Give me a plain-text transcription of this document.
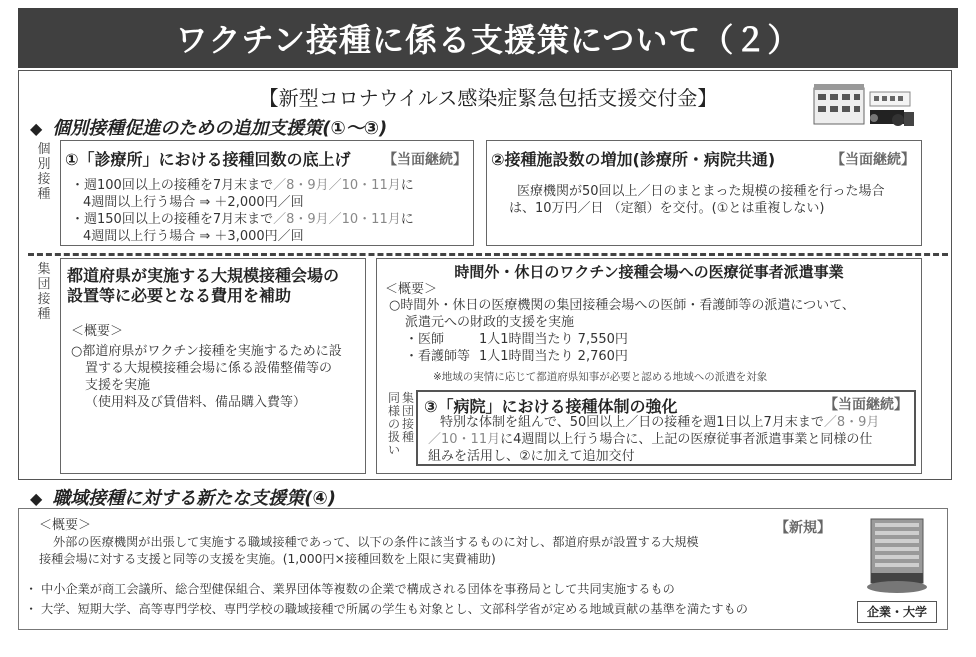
ワクチン接種に係る支援策について（２）
【新型コロナウイルス感染症緊急包括支援交付金】
◆ 個別接種促進のための追加支援策(①～③)
個別接種
①「診療所」における接種回数の底上げ 【当面継続】
・週100回以上の接種を7月末まで／8・9月／10・11月に
4週間以上行う場合 ⇒ ＋2,000円／回
・週150回以上の接種を7月末まで／8・9月／10・11月に
4週間以上行う場合 ⇒ ＋3,000円／回
②接種施設数の増加(診療所・病院共通)	【当面継続】
医療機関が50回以上／日のまとまった規模の接種を行った場合
は、10万円／日 （定額）を交付。(①とは重複しない)
集団接種
都道府県が実施する大規模接種会場の
設置等に必要となる費用を補助
＜概要＞
○都道府県がワクチン接種を実施するために設
置する大規模接種会場に係る設備整備等の
支援を実施
（使用料及び賃借料、備品購入費等）
時間外・休日のワクチン接種会場への医療従事者派遣事業
＜概要＞
○時間外・休日の医療機関の集団接種会場への医師・看護師等の派遣について、
派遣元への財政的支援を実施
・医師	1人1時間当たり 7,550円
・看護師等 1人1時間当たり 2,760円
※地域の実情に応じて都道府県知事が必要と認める地域への派遣を対象
同様の扱い
集団接種
③「病院」における接種体制の強化	【当面継続】
特別な体制を組んで、50回以上／日の接種を週1日以上7月末まで／8・9月
／10・11月に4週間以上行う場合に、上記の医療従事者派遣事業と同様の仕
組みを活用し、②に加えて追加交付
◆ 職域接種に対する新たな支援策(④)
＜概要＞	【新規】
外部の医療機関が出張して実施する職域接種であって、以下の条件に該当するものに対し、都道府県が設置する大規模
接種会場に対する支援と同等の支援を実施。(1,000円×接種回数を上限に実費補助)
・ 中小企業が商工会議所、総合型健保組合、業界団体等複数の企業で構成される団体を事務局として共同実施するもの
・ 大学、短期大学、高等専門学校、専門学校の職域接種で所属の学生も対象とし、文部科学省が定める地域貢献の基準を満たすもの	企業・大学
